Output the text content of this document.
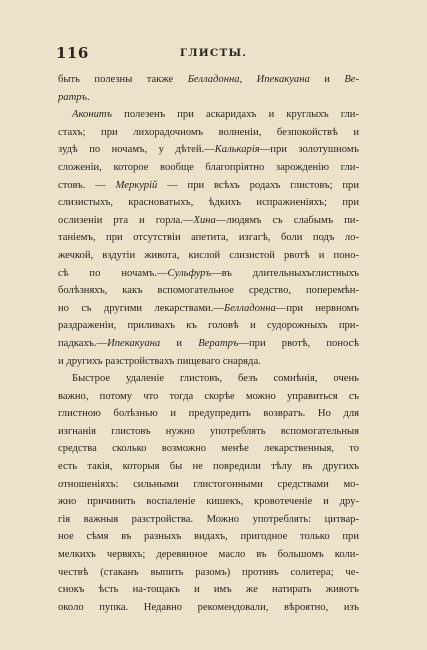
116	ГЛИСТЫ.
быть полезны также Белладонна, Ипекакуана и Ве-
ратръ.
Аконитъ полезенъ при аскаридахъ и круглыхъ гли-
стахъ; при лихорадочномъ волненіи, безпокойствѣ и
зудѣ по ночамъ, у дѣтей.—Калькарія—при золотушномъ
сложеніи, которое вообще благопріятно зарожденію гли-
стовъ. — Меркурій — при всѣхъ родахъ глистовъ; при
слизистыхъ, красноватыхъ, ѣдкихъ испражненіяхъ; при
ослизеніи рта и горла.—Хина—людямъ съ слабымъ пи-
таніемъ, при отсутствіи апетита, изгагѣ, боли подъ ло-
жечкой, вздутіи живота, кислой слизистой рвотѣ и поно-
сѣ по ночамъ.—Сульфуръ—въ длительныхъглистныхъ
болѣзняхъ, какъ вспомогательное средство, поперемѣн-
но съ другими лекарствами.—Белладонна—при нервномъ
раздраженіи, приливахъ къ головѣ и судорожныхъ при-
падкахъ.—Ипекакуана и Вератръ—при рвотѣ, поносѣ
и другихъ разстройствахъ пищеваго снаряда.
Быстрое удаленіе глистовъ, безъ сомнѣнія, очень
важно, потому что тогда скорѣе можно управиться съ
глистною болѣзнью и предупредить возвратъ. Но для
изгнанія глистовъ нужно употреблять вспомогательныя
средства сколько возможно менѣе лекарственныя, то
есть такія, которыя бы не повредили тѣлу въ другихъ
отношеніяхъ: сильными глистогонными средствами мо-
жно причинить воспаленіе кишекъ, кровотеченіе и дру-
гія важныя разстройства. Можно употреблять: цитвар-
ное сѣмя въ разныхъ видахъ, пригодное только при
мелкихъ червяхъ; деревянное масло въ большомъ коли-
чествѣ (стаканъ выпить разомъ) противъ солитера; че-
снокъ ѣсть на-тощакъ и имъ же натирать животъ
около пупка. Недавно рекомендовали, вѣроятно, изъ
